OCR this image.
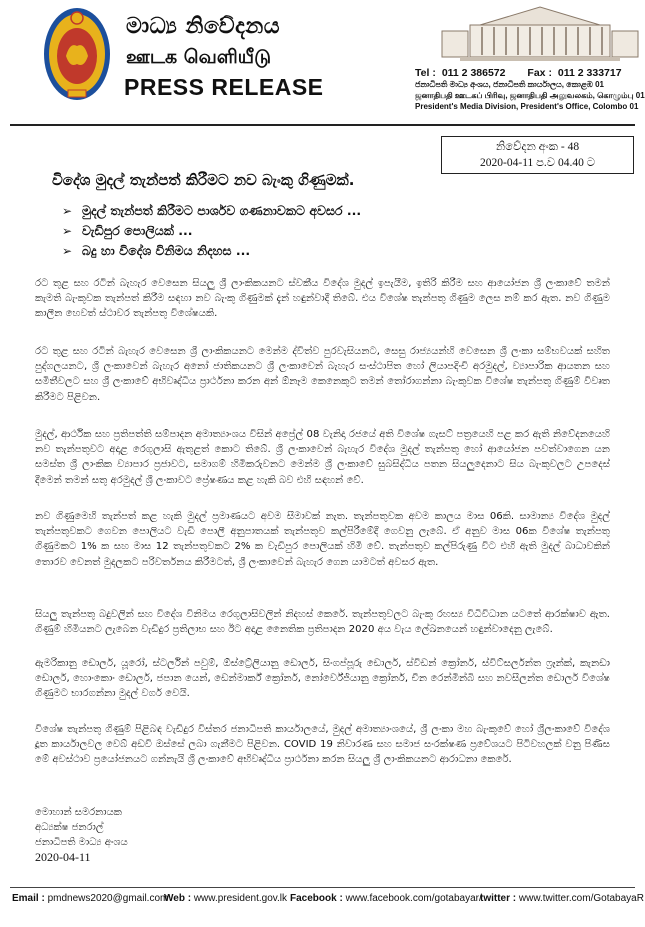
මාධ්‍ය නිවේදනය
ஊடக வெளியீடு
PRESS RELEASE
Tel : 011 2 386572 Fax : 011 2 333717
ජනාධිපති මාධ්‍ය අංශය, ජනාධිපති කාර්යාලය, කොළඹ 01
ஜனாதிபதி ஊடகப் பிரிவு, ஜனாதிபதி அலுவலகம், கொழும்பு 01
President's Media Division, President's Office, Colombo 01
නිවේදන අංක - 48
2020-04-11 ප.ව 04.40 ට
විදේශ මුදල් තැන්පත් කිරීමට නව බැංකු ගිණුමක්.
➢ මුදල් තැන්පත් කිරීමට පාර්ශව ගණනාවකට අවසර ...
➢ වැඩිපුර පොලියක් ...
➢ බදු හා විදේශ විනිමය නිදහස ...

රට තුළ සහ රටින් බැහැර වෙසෙන සියලු ශ්‍රී ලාංකිකයනට ස්වකීය විදේශ මුදල් ඉපැයීම, ඉතිරි කිරීම සහ ආයෝජන ශ්‍රී ලංකාවේ තමන් කැමති බැංකුවක තැන්පත් කිරීම සඳහා නව බැංකු ගිණුමක් දැන් හඳුන්වාදී තිබේ. එය විශේෂ තැන්පතු ගිණුම ලෙස නම් කර ඇත. නව ගිණුම කාලීන හෙවත් ස්ථාවර තැන්පතු විශේෂයකි.

රට තුළ සහ රටින් බැහැර වෙසෙන ශ්‍රී ලාංකිකයනට මෙන්ම ද්විත්ව පුරවැසියනට, සෙසු රාජ්‍යයන්හි වෙසෙන ශ්‍රී ලංකා සම්භවයක් සහිත පුද්ගලයනට, ශ්‍රී ලංකාවෙන් බැහැර අනෝ ජාතිකයනට ශ්‍රී ලංකාවෙන් බැහැර සංස්ථාපිත හෝ ලියාපදිංචි අරමුදල්, ව්‍යාපාරික ආයතන සහ සමිතීවලට සහ ශ්‍රී ලංකාවේ අභිවෘද්ධිය ප්‍රාර්ථනා කරන අන් ඕනෑම කෙනෙකුට තමන් තෝරාගන්නා බැංකුවක විශේෂ තැන්පතු ගිණුම් විවෘත කිරීමට පිළිවන.

මුදල්, ආර්ථික සහ ප්‍රතිපත්ති සම්පාදන අමාත්‍යාංශය විසින් අප්‍රේල් 08 වැනිදා රජයේ අති විශේෂ ගැසට් පත්‍රයෙහි පළ කර ඇති නිවේදනයෙහි නව තැන්පතුවට අදාළ රෙගුලාසි ඇතුළත් කොට තිබේ. ශ්‍රී ලංකාවෙන් බැහැර විදේශ මුදල් තැන්පතු හෝ ආයෝජන පවත්වාගෙන යන සමස්ත ශ්‍රී ලාංකික ව්‍යාපාර ප්‍රජාවට, සමාගම් හිමිකරුවනට මෙන්ම ශ්‍රී ලංකාවේ සුබසිද්ධිය පතන සියලුදෙනාට සිය බැංකුවලට උපදෙස් දීමෙන් තමන් සතු අරමුදල් ශ්‍රී ලංකාවට ප්‍රේෂණය කළ හැකි බව එහි සඳහන් වේ.

නව ගිණුමෙහි තැන්පත් කළ හැකි මුදල් ප්‍රමාණයට අවම සීමාවක් නැත. තැන්පතුවක අවම කාලය මාස 06කි. සාමාන්‍ය විදේශ මුදල් තැන්පතුවකට ගෙවන පොලියට වැඩි පොලී අනුපාතයක් තැන්පතුව කල්පිරීමේදී ගෙවනු ලැබේ. ඒ අනුව මාස 06ක විශේෂ තැන්පතු ගිණුමකට 1% ක සහ මාස 12 තැන්පතුවකට 2% ක වැඩිපුර පොලියක් හිමි වේ. තැන්පතුව කල්පිරුණු විට එහි ඇති මුදල් බාධාවකින් තොරව වෙනත් මුදලකට පරිවර්තනය කිරීමටත්, ශ්‍රී ලංකාවෙන් බැහැර ගෙන යාමටත් අවසර ඇත.

සියලු තැන්පතු බදුවලින් සහ විදේශ විනිමය රෙගුලාසිවලින් නිදහස් කෙරේ. තැන්පතුවලට බැංකු රහස්‍ය විධිවිධාන යටතේ ආරක්ෂාව ඇත. ගිණුම් හිමියනට ලැබෙන වැඩිදුර ප්‍රතිලාභ සහ ඊට අදාළ නෛතික ප්‍රතිපාදන 2020 අය වැය ලේඛනයෙන් හඳුන්වාදෙනු ලැබේ.

ඇමරිකානු ඩොලර්, යූරෝ, ස්ටර්ලින් පවුම්, ඕස්ට්‍රේලියානු ඩොලර්, සිංගප්පූරු ඩොලර්, ස්විඩන් ක්‍රෝනර්, ස්විට්සර්ලන්ත ෆ්‍රෑන්ක්, කැනඩා ඩොලර්, හොංකොං ඩොලර්, ජපාන යෙන්, ඩෙන්මාර්ක් ක්‍රෝනර්, නෝර්වේජියානු ක්‍රෝනර්, චීන රෙන්මින්බි සහ නවසීලන්ත ඩොලර් විශේෂ ගිණුමට භාරගන්නා මුදල් වර්ග වෙයි.

විශේෂ තැන්පතු ගිණුම් පිළිබඳ වැඩිදුර විස්තර ජනාධිපති කාර්යාලයේ, මුදල් අමාත්‍යාංශයේ, ශ්‍රී ලංකා මහ බැංකුවේ හෝ ශ්‍රීලංකාවේ විදේශ දූත කාර්යාලවල වෙබ් අඩවි ඔස්සේ ලබා ගැනීමට පිළිවන. COVID 19 නිවාරණ සහ සමාජ සංරක්ෂණ ප්‍රවේශයට පිටිවහලක් වනු පිණිස මේ අවස්ථාව ප්‍රයෝජනයට ගන්නැයි ශ්‍රී ලංකාවේ අභිවෘද්ධිය ප්‍රාර්ථනා කරන සියලු ශ්‍රී ලාංකිකයනට ආරාධනා කෙරේ.

මොහාන් සමරනායක
අධ්‍යක්ෂ ජනරාල්
ජනාධිපති මාධ්‍ය අංශය
2020-04-11
Email : pmdnews2020@gmail.com
Web : www.president.gov.lk Facebook : www.facebook.com/gotabayar/
twitter : www.twitter.com/GotabayaR
